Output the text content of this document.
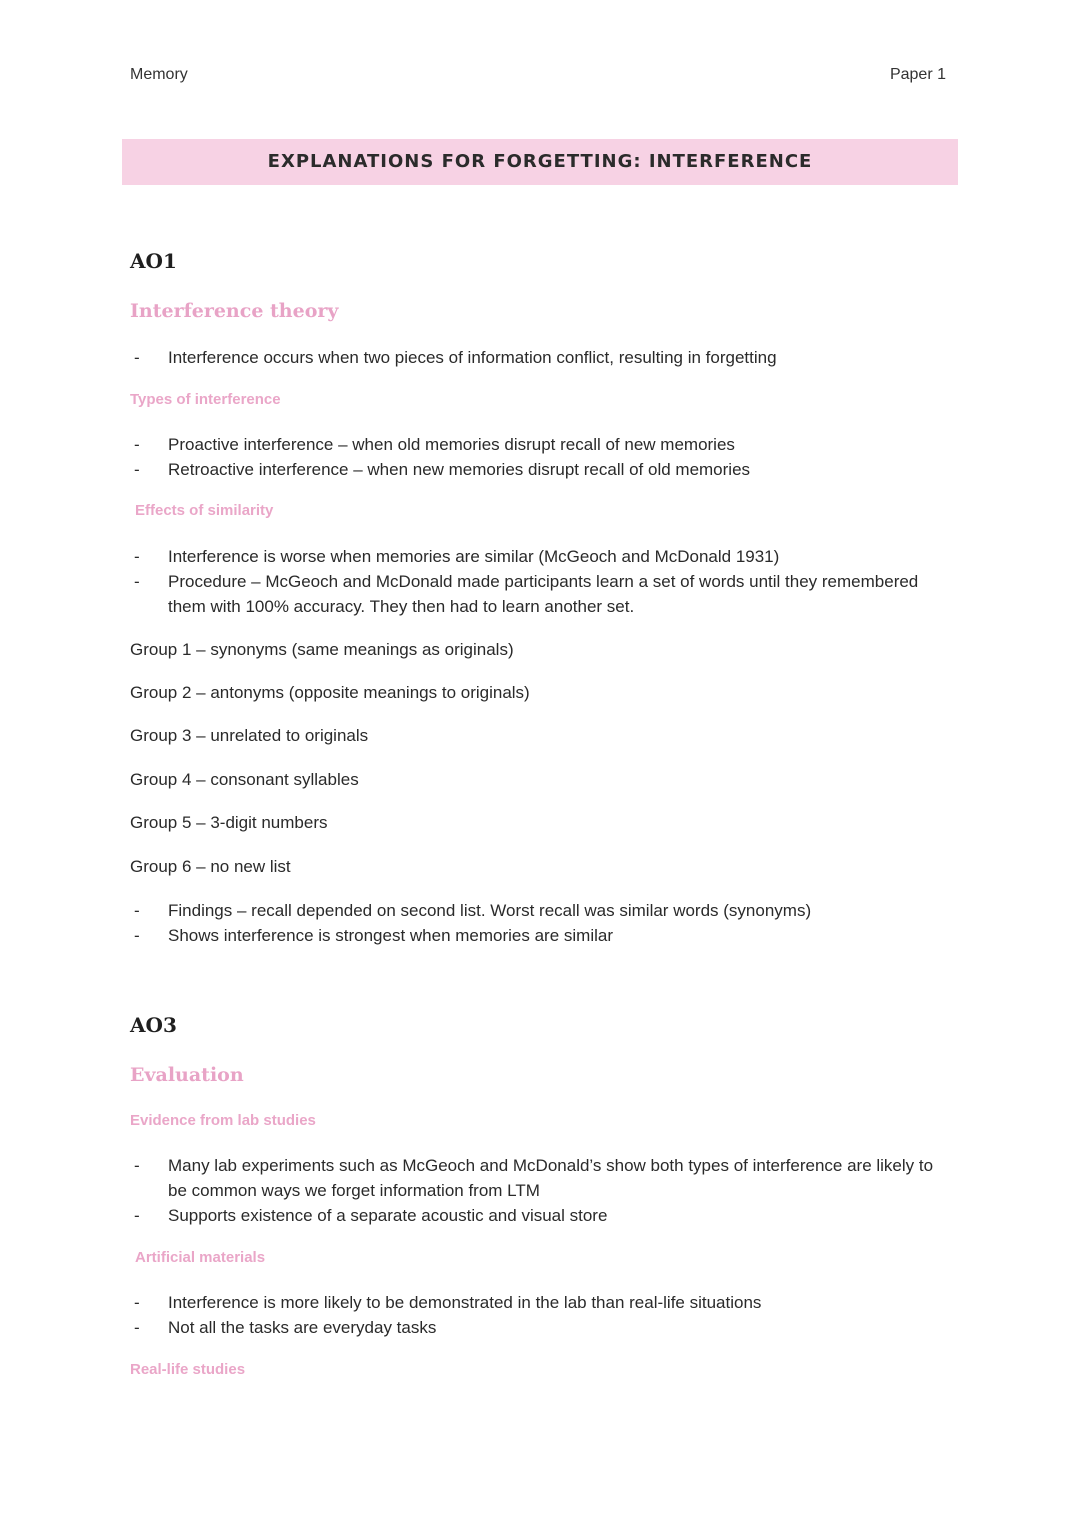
Memory	Paper 1
EXPLANATIONS FOR FORGETTING: INTERFERENCE
AO1
Interference theory
- Interference occurs when two pieces of information conflict, resulting in forgetting
Types of interference
- Proactive interference – when old memories disrupt recall of new memories
- Retroactive interference – when new memories disrupt recall of old memories
Effects of similarity
- Interference is worse when memories are similar (McGeoch and McDonald 1931)
- Procedure – McGeoch and McDonald made participants learn a set of words until they remembered them with 100% accuracy. They then had to learn another set.
Group 1 – synonyms (same meanings as originals)
Group 2 – antonyms (opposite meanings to originals)
Group 3 – unrelated to originals
Group 4 – consonant syllables
Group 5 – 3-digit numbers
Group 6 – no new list
- Findings – recall depended on second list. Worst recall was similar words (synonyms)
- Shows interference is strongest when memories are similar
AO3
Evaluation
Evidence from lab studies
- Many lab experiments such as McGeoch and McDonald’s show both types of interference are likely to be common ways we forget information from LTM
- Supports existence of a separate acoustic and visual store
Artificial materials
- Interference is more likely to be demonstrated in the lab than real-life situations
- Not all the tasks are everyday tasks
Real-life studies
